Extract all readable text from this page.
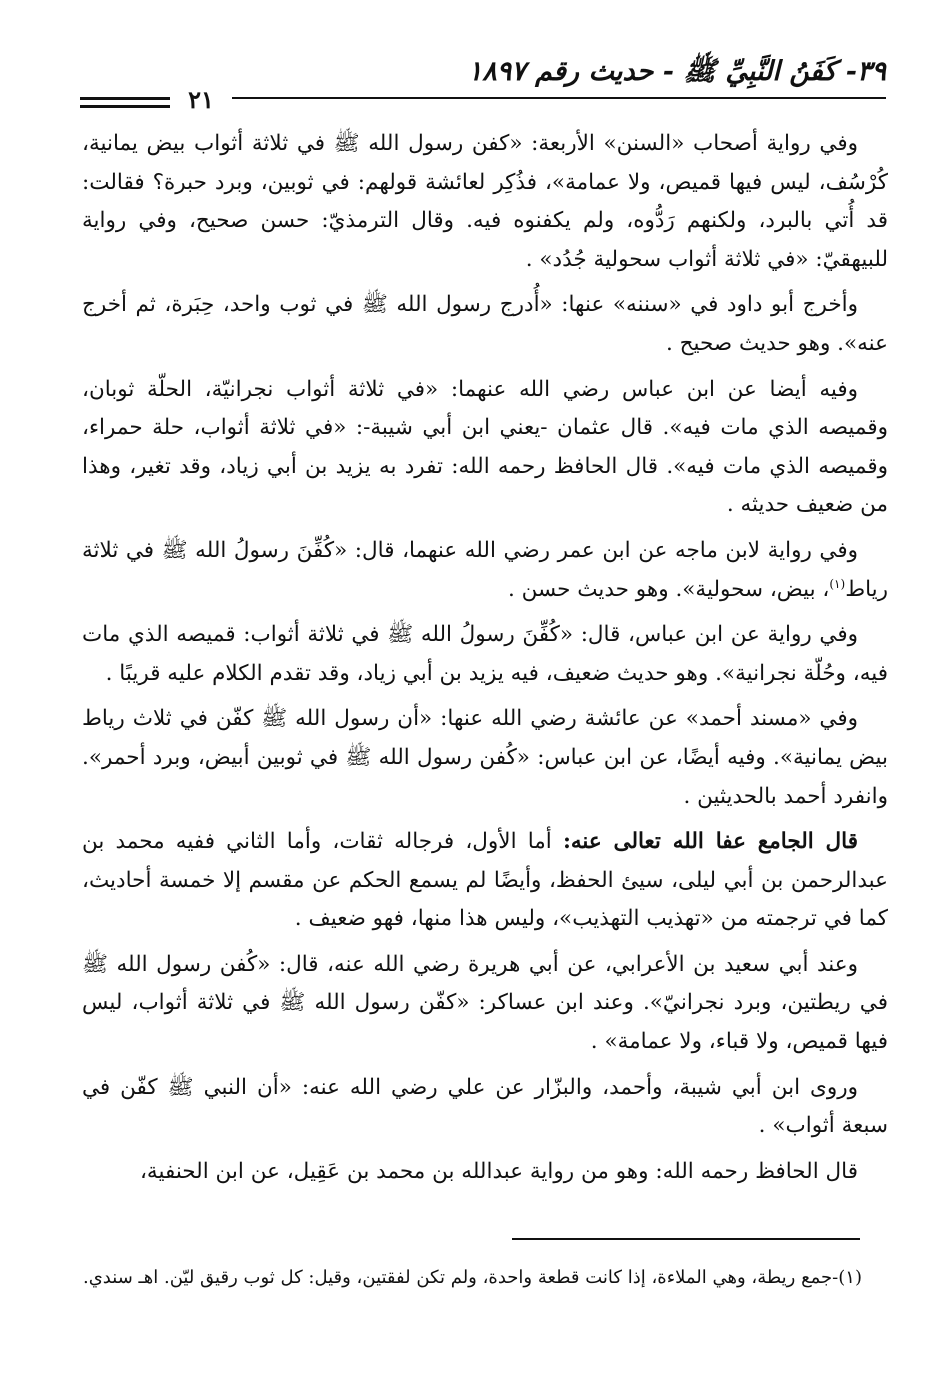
٣٩- كَفَنُ النَّبِيِّ ﷺ - حديث رقم ١٨٩٧
٢١

وفي رواية أصحاب «السنن» الأربعة: «كفن رسول الله ﷺ في ثلاثة أثواب بيض يمانية، كُرْسُف، ليس فيها قميص، ولا عمامة»، فذُكِر لعائشة قولهم: في ثوبين، وبرد حبرة؟ فقالت: قد أُتي بالبرد، ولكنهم رَدُّوه، ولم يكفنوه فيه. وقال الترمذيّ: حسن صحيح، وفي رواية للبيهقيّ: «في ثلاثة أثواب سحولية جُدُد» .

وأخرج أبو داود في «سننه» عنها: «أُدرج رسول الله ﷺ في ثوب واحد، حِبَرة، ثم أخرج عنه». وهو حديث صحيح .

وفيه أيضا عن ابن عباس رضي الله عنهما: «في ثلاثة أثواب نجرانيّة، الحلّة ثوبان، وقميصه الذي مات فيه». قال عثمان -يعني ابن أبي شيبة-: «في ثلاثة أثواب، حلة حمراء، وقميصه الذي مات فيه». قال الحافظ رحمه الله: تفرد به يزيد بن أبي زياد، وقد تغير، وهذا من ضعيف حديثه .

وفي رواية لابن ماجه عن ابن عمر رضي الله عنهما، قال: «كُفِّنَ رسولُ الله ﷺ في ثلاثة رياط$^{(١)}$، بيض، سحولية». وهو حديث حسن .

وفي رواية عن ابن عباس، قال: «كُفِّنَ رسولُ الله ﷺ في ثلاثة أثواب: قميصه الذي مات فيه، وحُلّة نجرانية». وهو حديث ضعيف، فيه يزيد بن أبي زياد، وقد تقدم الكلام عليه قريبًا .

وفي «مسند أحمد» عن عائشة رضي الله عنها: «أن رسول الله ﷺ كفّن في ثلاث رياط بيض يمانية». وفيه أيضًا، عن ابن عباس: «كُفن رسول الله ﷺ في ثوبين أبيض، وبرد أحمر». وانفرد أحمد بالحديثين .

قال الجامع عفا الله تعالى عنه: أما الأول، فرجاله ثقات، وأما الثاني ففيه محمد بن عبدالرحمن بن أبي ليلى، سيئ الحفظ، وأيضًا لم يسمع الحكم عن مقسم إلا خمسة أحاديث، كما في ترجمته من «تهذيب التهذيب»، وليس هذا منها، فهو ضعيف .

وعند أبي سعيد بن الأعرابي، عن أبي هريرة رضي الله عنه، قال: «كُفن رسول الله ﷺ في ريطتين، وبرد نجرانيّ». وعند ابن عساكر: «كفّن رسول الله ﷺ في ثلاثة أثواب، ليس فيها قميص، ولا قباء، ولا عمامة» .

وروى ابن أبي شيبة، وأحمد، والبزّار عن علي رضي الله عنه: «أن النبي ﷺ كفّن في سبعة أثواب» .

قال الحافظ رحمه الله: وهو من رواية عبدالله بن محمد بن عَقِيل، عن ابن الحنفية،

(١)-جمع ريطة، وهي الملاءة، إذا كانت قطعة واحدة، ولم تكن لفقتين، وقيل: كل ثوب رقيق ليّن. اهـ سندي.
